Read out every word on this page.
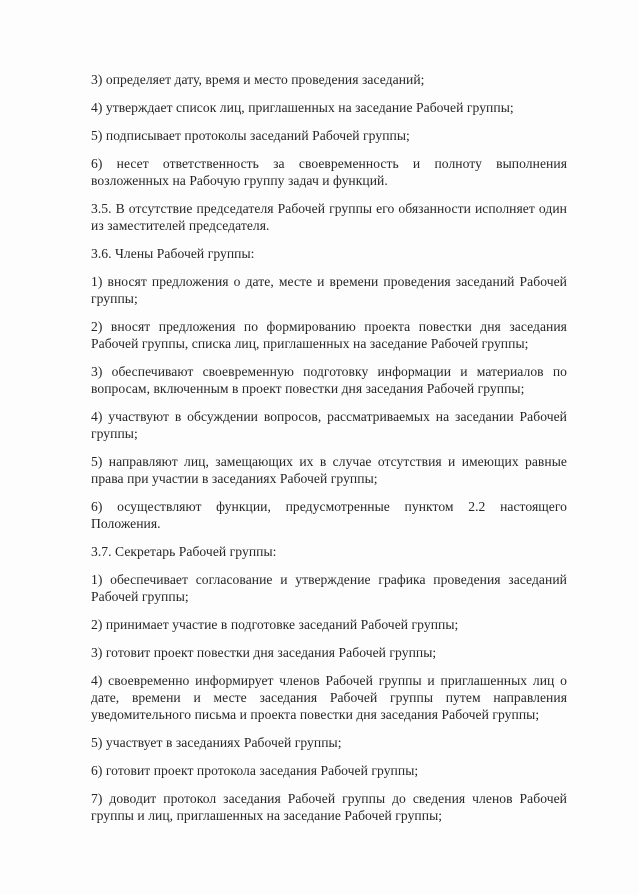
3) определяет дату, время и место проведения заседаний;

4) утверждает список лиц, приглашенных на заседание Рабочей группы;

5) подписывает протоколы заседаний Рабочей группы;

6) несет ответственность за своевременность и полноту выполнения возложенных на Рабочую группу задач и функций.

3.5. В отсутствие председателя Рабочей группы его обязанности исполняет один из заместителей председателя.

3.6. Члены Рабочей группы:

1) вносят предложения о дате, месте и времени проведения заседаний Рабочей группы;

2) вносят предложения по формированию проекта повестки дня заседания Рабочей группы, списка лиц, приглашенных на заседание Рабочей группы;

3) обеспечивают своевременную подготовку информации и материалов по вопросам, включенным в проект повестки дня заседания Рабочей группы;

4) участвуют в обсуждении вопросов, рассматриваемых на заседании Рабочей группы;

5) направляют лиц, замещающих их в случае отсутствия и имеющих равные права при участии в заседаниях Рабочей группы;

6) осуществляют функции, предусмотренные пунктом 2.2 настоящего Положения.

3.7. Секретарь Рабочей группы:

1) обеспечивает согласование и утверждение графика проведения заседаний Рабочей группы;

2) принимает участие в подготовке заседаний Рабочей группы;

3) готовит проект повестки дня заседания Рабочей группы;

4) своевременно информирует членов Рабочей группы и приглашенных лиц о дате, времени и месте заседания Рабочей группы путем направления уведомительного письма и проекта повестки дня заседания Рабочей группы;

5) участвует в заседаниях Рабочей группы;

6) готовит проект протокола заседания Рабочей группы;

7) доводит протокол заседания Рабочей группы до сведения членов Рабочей группы и лиц, приглашенных на заседание Рабочей группы;
